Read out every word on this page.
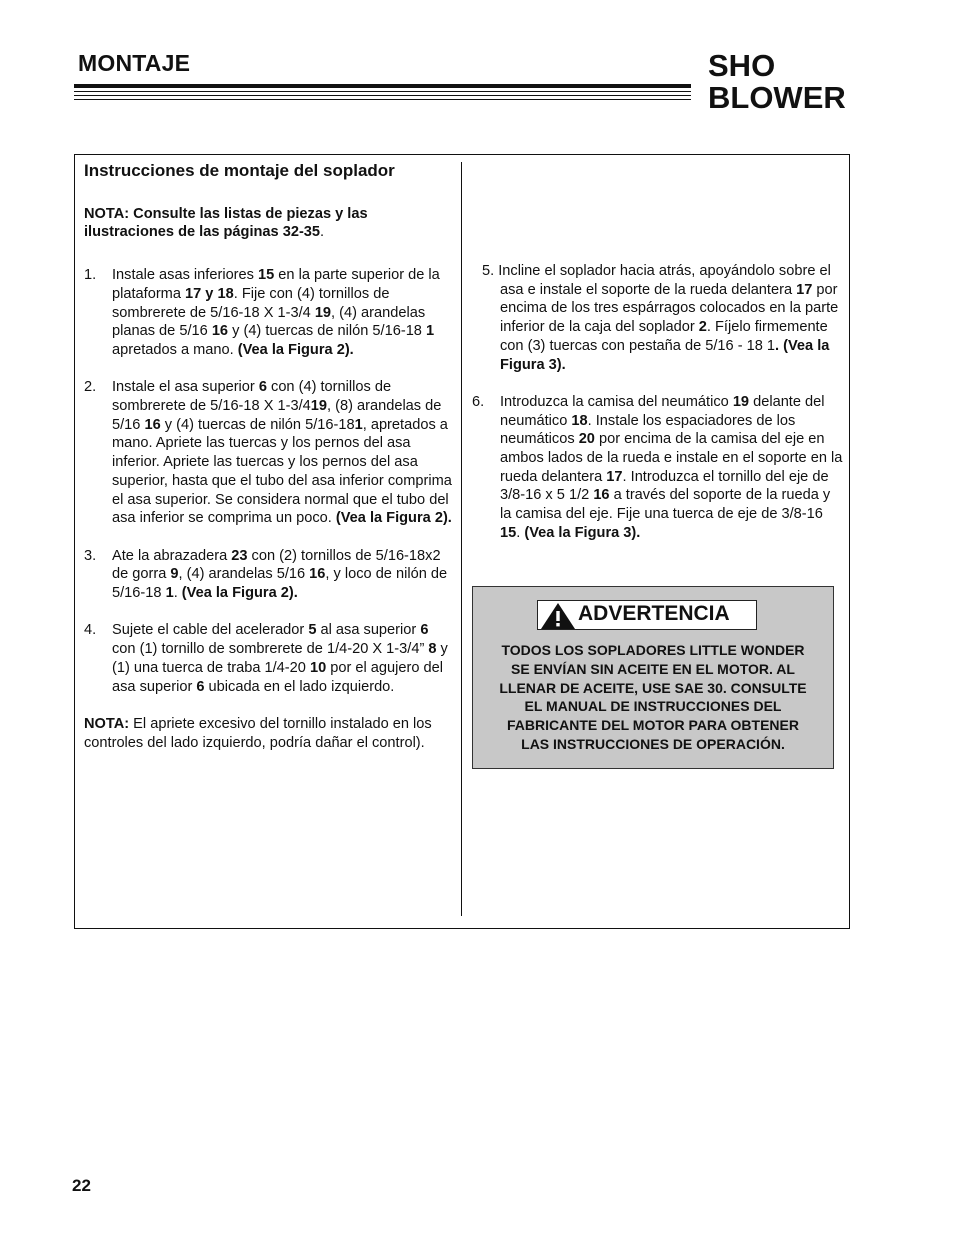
MONTAJE	SHO
BLOWER

Instrucciones de montaje del soplador

NOTA: Consulte las listas de piezas y las ilustraciones de las páginas 32-35.

1. Instale asas inferiores 15 en la parte superior de la plataforma 17 y 18. Fije con (4) tornillos de sombrerete de 5/16-18 X 1-3/4 19, (4) arandelas planas de 5/16 16 y (4) tuercas de nilón 5/16-18 1 apretados a mano. (Vea la Figura 2).

2. Instale el asa superior 6 con (4) tornillos de sombrerete de 5/16-18 X 1-3/419, (8) arandelas de 5/16 16 y (4) tuercas de nilón 5/16-181, apretados a mano. Apriete las tuercas y los pernos del asa inferior. Apriete las tuercas y los pernos del asa superior, hasta que el tubo del asa inferior comprima el asa superior. Se considera normal que el tubo del asa inferior se comprima un poco. (Vea la Figura 2).

3. Ate la abrazadera 23 con (2) tornillos de 5/16-18x2 de gorra 9, (4) arandelas 5/16 16, y loco de nilón de 5/16-18 1. (Vea la Figura 2).

4. Sujete el cable del acelerador 5 al asa superior 6 con (1) tornillo de sombrerete de 1/4-20 X 1-3/4” 8 y (1) una tuerca de traba 1/4-20 10 por el agujero del asa superior 6 ubicada en el lado izquierdo.

NOTA: El apriete excesivo del tornillo instalado en los controles del lado izquierdo, podría dañar el control).

5. Incline el soplador hacia atrás, apoyándolo sobre el asa e instale el soporte de la rueda delantera 17 por encima de los tres espárragos colocados en la parte inferior de la caja del soplador 2. Fíjelo firmemente con (3) tuercas con pestaña de 5/16 - 18 1. (Vea la Figura 3).

6. Introduzca la camisa del neumático 19 delante del neumático 18. Instale los espaciadores de los neumáticos 20 por encima de la camisa del eje en ambos lados de la rueda e instale en el soporte en la rueda delantera 17. Introduzca el tornillo del eje de 3/8-16 x 5 1/2 16 a través del soporte de la rueda y la camisa del eje. Fije una tuerca de eje de 3/8-16 15. (Vea la Figura 3).

ADVERTENCIA
TODOS LOS SOPLADORES LITTLE WONDER
SE ENVÍAN SIN ACEITE EN EL MOTOR. AL
LLENAR DE ACEITE, USE SAE 30. CONSULTE
EL MANUAL DE INSTRUCCIONES DEL
FABRICANTE DEL MOTOR PARA OBTENER
LAS INSTRUCCIONES DE OPERACIÓN.
22
